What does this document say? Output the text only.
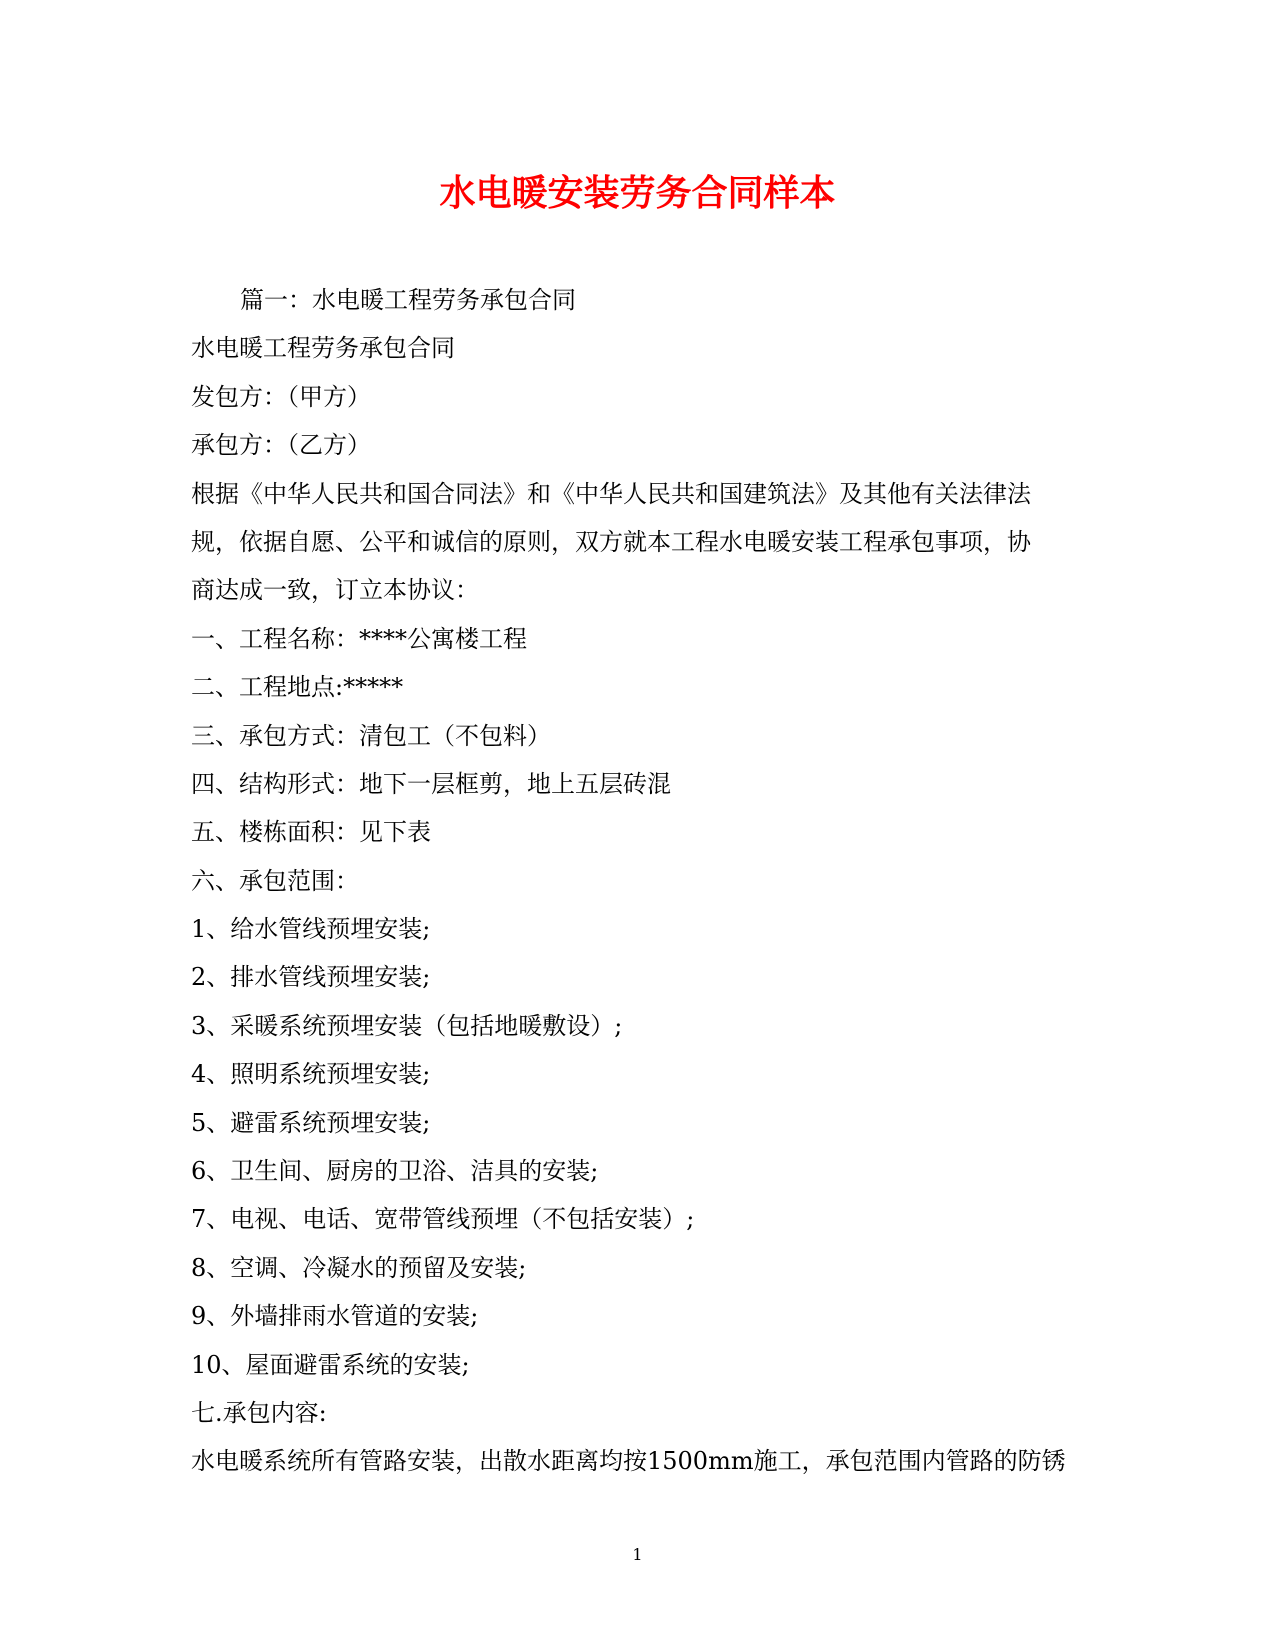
水电暖安装劳务合同样本
篇一：水电暖工程劳务承包合同
水电暖工程劳务承包合同
发包方：（甲方）
承包方：（乙方）
根据《中华人民共和国合同法》和《中华人民共和国建筑法》及其他有关法律法
规，依据自愿、公平和诚信的原则，双方就本工程水电暖安装工程承包事项，协
商达成一致，订立本协议：
一、工程名称：****公寓楼工程
二、工程地点:*****
三、承包方式：清包工（不包料）
四、结构形式：地下一层框剪，地上五层砖混
五、楼栋面积：见下表
六、承包范围：
1、给水管线预埋安装;
2、排水管线预埋安装;
3、采暖系统预埋安装（包括地暖敷设）;
4、照明系统预埋安装;
5、避雷系统预埋安装;
6、卫生间、厨房的卫浴、洁具的安装;
7、电视、电话、宽带管线预埋（不包括安装）;
8、空调、冷凝水的预留及安装;
9、外墙排雨水管道的安装;
10、屋面避雷系统的安装;
七.承包内容:
水电暖系统所有管路安装，出散水距离均按1500mm施工，承包范围内管路的防锈
1
